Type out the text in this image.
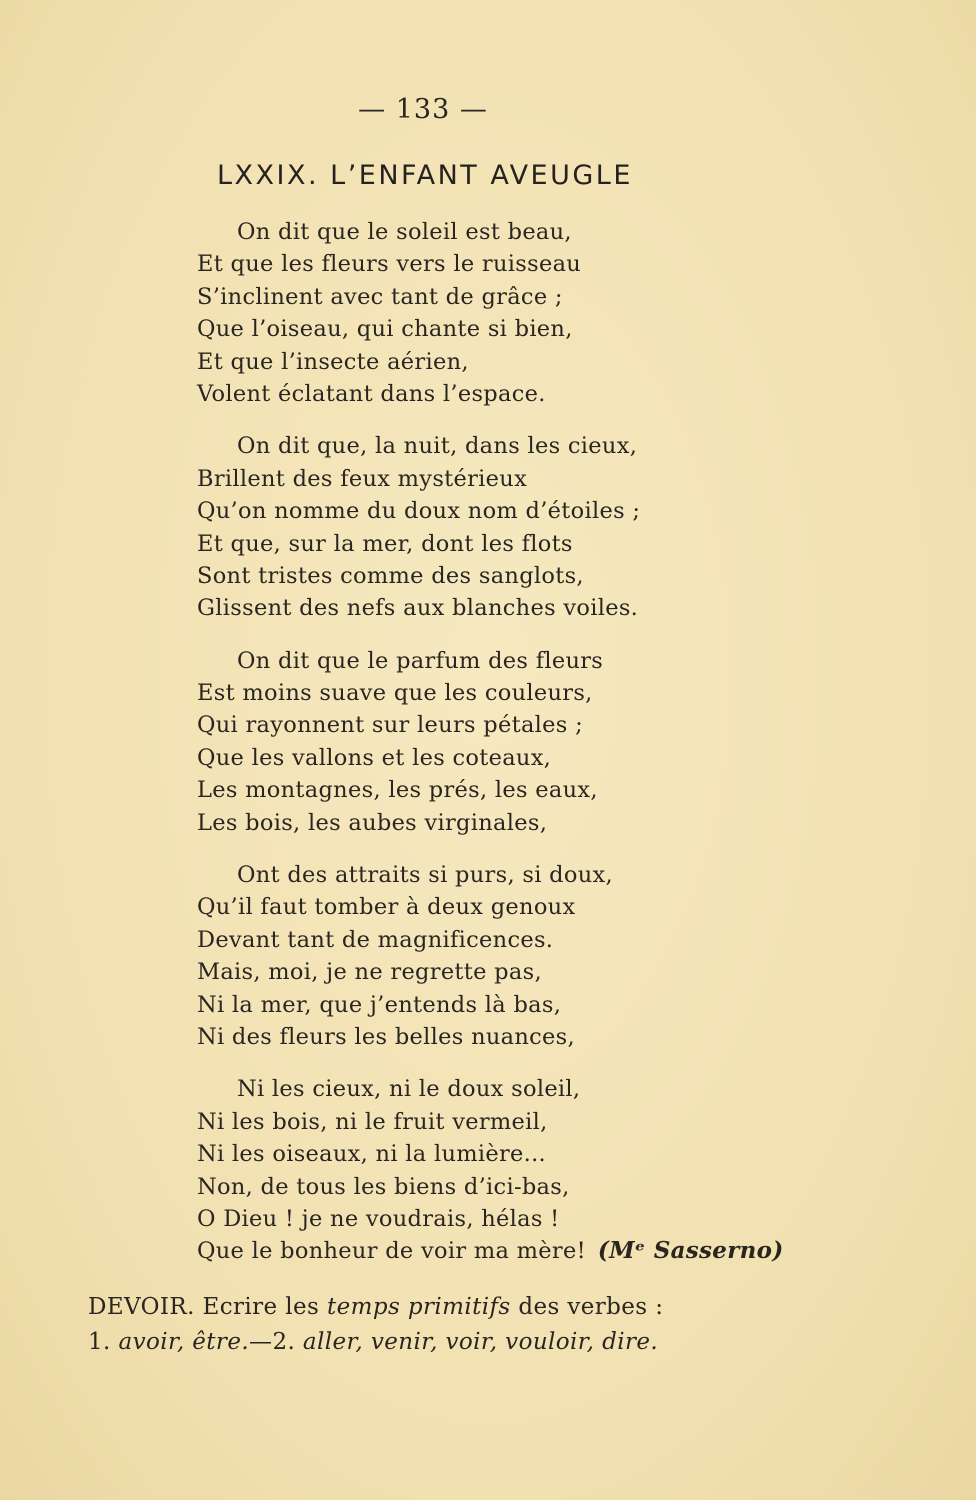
— 133 —
LXXIX. L’ENFANT AVEUGLE
On dit que le soleil est beau,
Et que les fleurs vers le ruisseau
S’inclinent avec tant de grâce ;
Que l’oiseau, qui chante si bien,
Et que l’insecte aérien,
Volent éclatant dans l’espace.
On dit que, la nuit, dans les cieux,
Brillent des feux mystérieux
Qu’on nomme du doux nom d’étoiles ;
Et que, sur la mer, dont les flots
Sont tristes comme des sanglots,
Glissent des nefs aux blanches voiles.
On dit que le parfum des fleurs
Est moins suave que les couleurs,
Qui rayonnent sur leurs pétales ;
Que les vallons et les coteaux,
Les montagnes, les prés, les eaux,
Les bois, les aubes virginales,
Ont des attraits si purs, si doux,
Qu’il faut tomber à deux genoux
Devant tant de magnificences.
Mais, moi, je ne regrette pas,
Ni la mer, que j’entends là bas,
Ni des fleurs les belles nuances,
Ni les cieux, ni le doux soleil,
Ni les bois, ni le fruit vermeil,
Ni les oiseaux, ni la lumière...
Non, de tous les biens d’ici-bas,
O Dieu ! je ne voudrais, hélas !
Que le bonheur de voir ma mère! (Mᵉ Sasserno)
DEVOIR. Ecrire les temps primitifs des verbes :
1. avoir, être.—2. aller, venir, voir, vouloir, dire.
